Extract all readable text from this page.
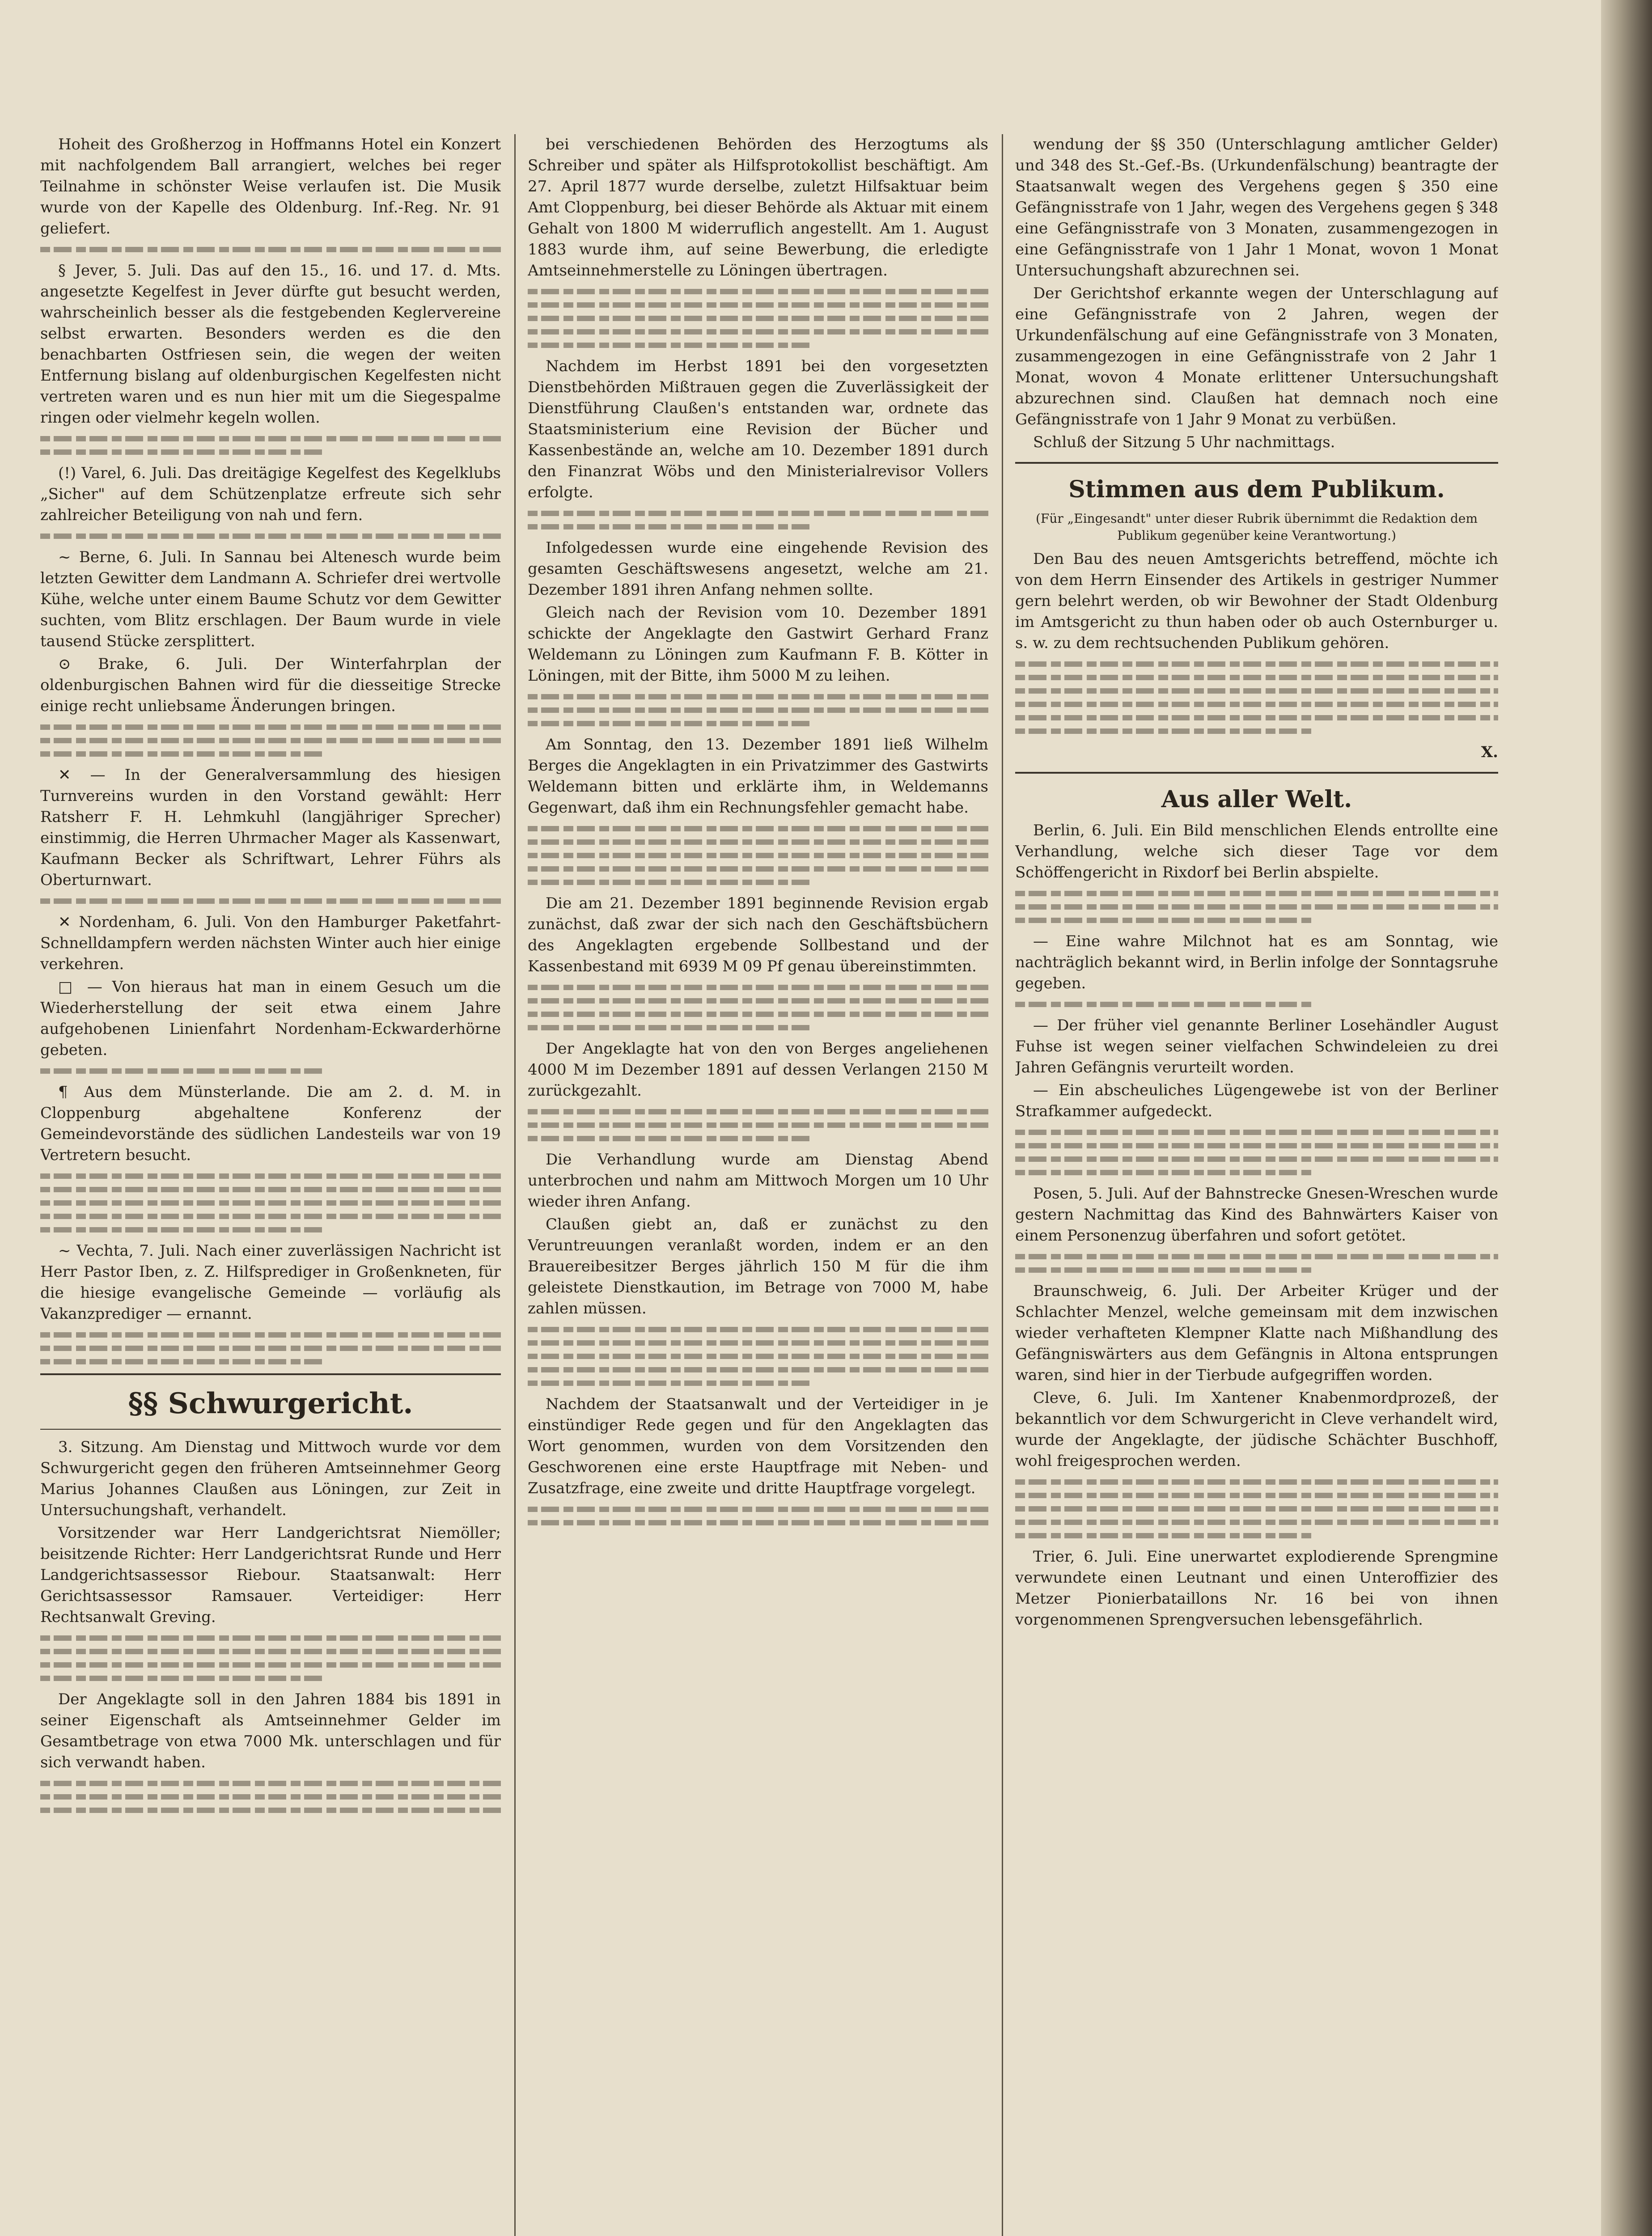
Hoheit des Großherzog in Hoffmanns Hotel ein Konzert mit nachfolgendem Ball arrangiert, welches bei reger Teilnahme in schönster Weise verlaufen ist. Die Musik wurde von der Kapelle des Oldenburg. Inf.-Reg. Nr. 91 geliefert.

§ Jever, 5. Juli. Das auf den 15., 16. und 17. d. Mts. angesetzte Kegelfest in Jever dürfte gut besucht werden, wahrscheinlich besser als die festgebenden Keglervereine selbst erwarten. Besonders werden es die den benachbarten Ostfriesen sein, die wegen der weiten Entfernung bislang auf oldenburgischen Kegelfesten nicht vertreten waren und es nun hier mit um die Siegespalme ringen oder vielmehr kegeln wollen.

(!) Varel, 6. Juli. Das dreitägige Kegelfest des Kegelklubs „Sicher" auf dem Schützenplatze erfreute sich sehr zahlreicher Beteiligung von nah und fern.

~ Berne, 6. Juli. In Sannau bei Altenesch wurde beim letzten Gewitter dem Landmann A. Schriefer drei wertvolle Kühe, welche unter einem Baume Schutz vor dem Gewitter suchten, vom Blitz erschlagen. Der Baum wurde in viele tausend Stücke zersplittert.

⊙ Brake, 6. Juli. Der Winterfahrplan der oldenburgischen Bahnen wird für die diesseitige Strecke einige recht unliebsame Änderungen bringen.

✕ — In der Generalversammlung des hiesigen Turnvereins wurden in den Vorstand gewählt: Herr Ratsherr F. H. Lehmkuhl (langjähriger Sprecher) einstimmig, die Herren Uhrmacher Mager als Kassenwart, Kaufmann Becker als Schriftwart, Lehrer Führs als Oberturnwart.

✕ Nordenham, 6. Juli. Von den Hamburger Paketfahrt-Schnelldampfern werden nächsten Winter auch hier einige verkehren.

□ — Von hieraus hat man in einem Gesuch um die Wiederherstellung der seit etwa einem Jahre aufgehobenen Linienfahrt Nordenham-Eckwarderhörne gebeten.

¶ Aus dem Münsterlande. Die am 2. d. M. in Cloppenburg abgehaltene Konferenz der Gemeindevorstände des südlichen Landesteils war von 19 Vertretern besucht.

~ Vechta, 7. Juli. Nach einer zuverlässigen Nachricht ist Herr Pastor Iben, z. Z. Hilfsprediger in Großenkneten, für die hiesige evangelische Gemeinde — vorläufig als Vakanzprediger — ernannt.

§§ Schwurgericht.

3. Sitzung. Am Dienstag und Mittwoch wurde vor dem Schwurgericht gegen den früheren Amtseinnehmer Georg Marius Johannes Claußen aus Löningen, zur Zeit in Untersuchungshaft, verhandelt.

Vorsitzender war Herr Landgerichtsrat Niemöller; beisitzende Richter: Herr Landgerichtsrat Runde und Herr Landgerichtsassessor Riebour. Staatsanwalt: Herr Gerichtsassessor Ramsauer. Verteidiger: Herr Rechtsanwalt Greving.

Der Angeklagte soll in den Jahren 1884 bis 1891 in seiner Eigenschaft als Amtseinnehmer Gelder im Gesamtbetrage von etwa 7000 Mk. unterschlagen und für sich verwandt haben.

bei verschiedenen Behörden des Herzogtums als Schreiber und später als Hilfsprotokollist beschäftigt. Am 27. April 1877 wurde derselbe, zuletzt Hilfsaktuar beim Amt Cloppenburg, bei dieser Behörde als Aktuar mit einem Gehalt von 1800 M widerruflich angestellt. Am 1. August 1883 wurde ihm, auf seine Bewerbung, die erledigte Amtseinnehmerstelle zu Löningen übertragen.

Nachdem im Herbst 1891 bei den vorgesetzten Dienstbehörden Mißtrauen gegen die Zuverlässigkeit der Dienstführung Claußen's entstanden war, ordnete das Staatsministerium eine Revision der Bücher und Kassenbestände an, welche am 10. Dezember 1891 durch den Finanzrat Wöbs und den Ministerialrevisor Vollers erfolgte.

Infolgedessen wurde eine eingehende Revision des gesamten Geschäftswesens angesetzt, welche am 21. Dezember 1891 ihren Anfang nehmen sollte.

Gleich nach der Revision vom 10. Dezember 1891 schickte der Angeklagte den Gastwirt Gerhard Franz Weldemann zu Löningen zum Kaufmann F. B. Kötter in Löningen, mit der Bitte, ihm 5000 M zu leihen.

Am Sonntag, den 13. Dezember 1891 ließ Wilhelm Berges die Angeklagten in ein Privatzimmer des Gastwirts Weldemann bitten und erklärte ihm, in Weldemanns Gegenwart, daß ihm ein Rechnungsfehler gemacht habe.

Die am 21. Dezember 1891 beginnende Revision ergab zunächst, daß zwar der sich nach den Geschäftsbüchern des Angeklagten ergebende Sollbestand und der Kassenbestand mit 6939 M 09 Pf genau übereinstimmten.

Der Angeklagte hat von den von Berges angeliehenen 4000 M im Dezember 1891 auf dessen Verlangen 2150 M zurückgezahlt.

Die Verhandlung wurde am Dienstag Abend unterbrochen und nahm am Mittwoch Morgen um 10 Uhr wieder ihren Anfang.

Claußen giebt an, daß er zunächst zu den Veruntreuungen veranlaßt worden, indem er an den Brauereibesitzer Berges jährlich 150 M für die ihm geleistete Dienstkaution, im Betrage von 7000 M, habe zahlen müssen.

Nachdem der Staatsanwalt und der Verteidiger in je einstündiger Rede gegen und für den Angeklagten das Wort genommen, wurden von dem Vorsitzenden den Geschworenen eine erste Hauptfrage mit Neben- und Zusatzfrage, eine zweite und dritte Hauptfrage vorgelegt.

wendung der §§ 350 (Unterschlagung amtlicher Gelder) und 348 des St.-Gef.-Bs. (Urkundenfälschung) beantragte der Staatsanwalt wegen des Vergehens gegen § 350 eine Gefängnisstrafe von 1 Jahr, wegen des Vergehens gegen § 348 eine Gefängnisstrafe von 3 Monaten, zusammengezogen in eine Gefängnisstrafe von 1 Jahr 1 Monat, wovon 1 Monat Untersuchungshaft abzurechnen sei.

Der Gerichtshof erkannte wegen der Unterschlagung auf eine Gefängnisstrafe von 2 Jahren, wegen der Urkundenfälschung auf eine Gefängnisstrafe von 3 Monaten, zusammengezogen in eine Gefängnisstrafe von 2 Jahr 1 Monat, wovon 4 Monate erlittener Untersuchungshaft abzurechnen sind. Claußen hat demnach noch eine Gefängnisstrafe von 1 Jahr 9 Monat zu verbüßen.

Schluß der Sitzung 5 Uhr nachmittags.

Stimmen aus dem Publikum.
(Für „Eingesandt" unter dieser Rubrik übernimmt die Redaktion dem Publikum gegenüber keine Verantwortung.)

Den Bau des neuen Amtsgerichts betreffend, möchte ich von dem Herrn Einsender des Artikels in gestriger Nummer gern belehrt werden, ob wir Bewohner der Stadt Oldenburg im Amtsgericht zu thun haben oder ob auch Osternburger u. s. w. zu dem rechtsuchenden Publikum gehören.

X.

Aus aller Welt.

Berlin, 6. Juli. Ein Bild menschlichen Elends entrollte eine Verhandlung, welche sich dieser Tage vor dem Schöffengericht in Rixdorf bei Berlin abspielte.

— Eine wahre Milchnot hat es am Sonntag, wie nachträglich bekannt wird, in Berlin infolge der Sonntagsruhe gegeben.

— Der früher viel genannte Berliner Losehändler August Fuhse ist wegen seiner vielfachen Schwindeleien zu drei Jahren Gefängnis verurteilt worden.

— Ein abscheuliches Lügengewebe ist von der Berliner Strafkammer aufgedeckt.

Posen, 5. Juli. Auf der Bahnstrecke Gnesen-Wreschen wurde gestern Nachmittag das Kind des Bahnwärters Kaiser von einem Personenzug überfahren und sofort getötet.

Braunschweig, 6. Juli. Der Arbeiter Krüger und der Schlachter Menzel, welche gemeinsam mit dem inzwischen wieder verhafteten Klempner Klatte nach Mißhandlung des Gefängniswärters aus dem Gefängnis in Altona entsprungen waren, sind hier in der Tierbude aufgegriffen worden.

Cleve, 6. Juli. Im Xantener Knabenmordprozeß, der bekanntlich vor dem Schwurgericht in Cleve verhandelt wird, wurde der Angeklagte, der jüdische Schächter Buschhoff, wohl freigesprochen werden.

Trier, 6. Juli. Eine unerwartet explodierende Sprengmine verwundete einen Leutnant und einen Unteroffizier des Metzer Pionierbataillons Nr. 16 bei von ihnen vorgenommenen Sprengversuchen lebensgefährlich.
